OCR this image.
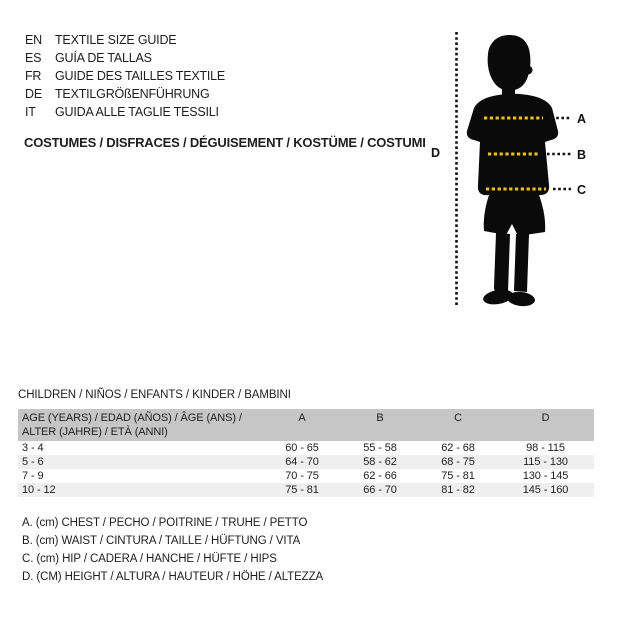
EN	TEXTILE SIZE GUIDE
ES	GUÍA DE TALLAS
FR	GUIDE DES TAILLES TEXTILE
DE	TEXTILGRÖßENFÜHRUNG
IT	GUIDA ALLE TAGLIE TESSILI
COSTUMES / DISFRACES / DÉGUISEMENT / KOSTÜME / COSTUMI
A
B
C
D
CHILDREN / NIÑOS / ENFANTS / KINDER / BAMBINI
AGE (YEARS) / EDAD (AÑOS) / ÂGE (ANS) /
ALTER (JAHRE) / ETÀ (ANNI)	A	B	C	D
3 - 4	60 - 65	55 - 58	62 - 68	98 - 115
5 - 6	64 - 70	58 - 62	68 - 75	115 - 130
7 - 9	70 - 75	62 - 66	75 - 81	130 - 145
10 - 12	75 - 81	66 - 70	81 - 82	145 - 160
A. (cm) CHEST / PECHO / POITRINE / TRUHE / PETTO
B. (cm) WAIST / CINTURA / TAILLE / HÜFTUNG / VITA
C. (cm) HIP / CADERA / HANCHE / HÜFTE / HIPS
D. (CM) HEIGHT / ALTURA / HAUTEUR / HÖHE / ALTEZZA
